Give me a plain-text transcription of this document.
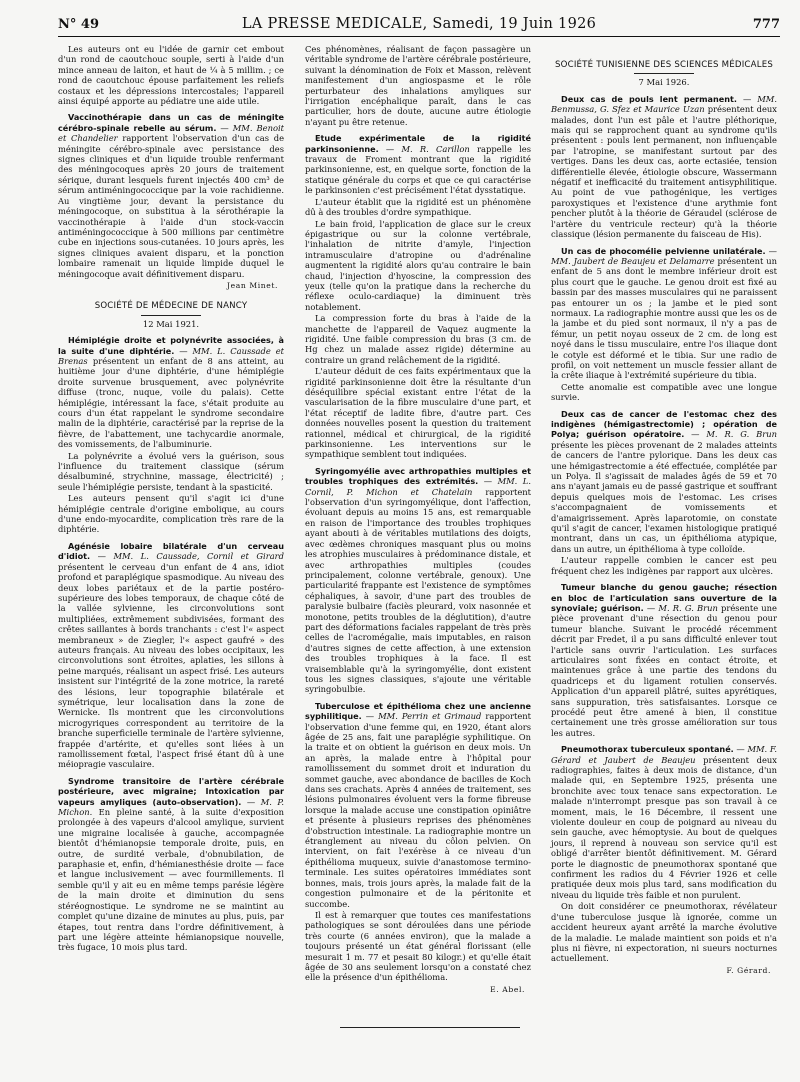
N° 49	LA PRESSE MEDICALE, Samedi, 19 Juin 1926	777

Les auteurs ont eu l'idée de garnir cet embout d'un rond de caoutchouc souple, serti à l'aide d'un mince anneau de laiton, et haut de ¼ à 5 millim. ; ce rond de caoutchouc épouse parfaitement les reliefs costaux et les dépressions intercostales; l'appareil ainsi équipé apporte au pédiatre une aide utile.

Vaccinothérapie dans un cas de méningite cérébro-spinale rebelle au sérum. — MM. Benoit et Chandelier rapportent l'observation d'un cas de méningite cérébro-spinale avec persistance des signes cliniques et d'un liquide trouble renfermant des méningocoques après 20 jours de traitement sérique, durant lesquels furent injectés 400 cm³ de sérum antiméningococcique par la voie rachidienne. Au vingtième jour, devant la persistance du méningocoque, on substitua à la sérothérapie la vaccinothérapie à l'aide d'un stock-vaccin antiméningococcique à 500 millions par centimètre cube en injections sous-cutanées. 10 jours après, les signes cliniques avaient disparu, et la ponction lombaire ramenait un liquide limpide duquel le méningocoque avait définitivement disparu.

Jean Minet.
SOCIÉTÉ DE MÉDECINE DE NANCY
12 Mai 1921.

Hémiplégie droite et polynévrite associées, à la suite d'une diphtérie. — MM. L. Caussade et Brenas présentent un enfant de 8 ans atteint, au huitième jour d'une diphtérie, d'une hémiplégie droite survenue brusquement, avec polynévrite diffuse (tronc, nuque, voile du palais). Cette hémiplégie, intéressant la face, s'était produite au cours d'un état rappelant le syndrome secondaire malin de la diphtérie, caractérisé par la reprise de la fièvre, de l'abattement, une tachycardie anormale, des vomissements, de l'albuminurie.

La polynévrite a évolué vers la guérison, sous l'influence du traitement classique (sérum désalbuminé, strychnine, massage, électricité) ; seule l'hémiplégie persiste, tendant à la spasticité.

Les auteurs pensent qu'il s'agit ici d'une hémiplégie centrale d'origine embolique, au cours d'une endo-myocardite, complication très rare de la diphtérie.

Agénésie lobaire bilatérale d'un cerveau d'idiot. — MM. L. Caussade, Cornil et Girard présentent le cerveau d'un enfant de 4 ans, idiot profond et paraplégique spasmodique. Au niveau des deux lobes pariétaux et de la partie postéro-supérieure des lobes temporaux, de chaque côté de la vallée sylvienne, les circonvolutions sont multipliées, extrêmement subdivisées, formant des crêtes saillantes à bords tranchants : c'est l'« aspect membraneux » de Ziegler, l'« aspect gaufré » des auteurs français. Au niveau des lobes occipitaux, les circonvolutions sont étroites, aplaties, les sillons à peine marqués, réalisant un aspect frisé. Les auteurs insistent sur l'intégrité de la zone motrice, la rareté des lésions, leur topographie bilatérale et symétrique, leur localisation dans la zone de Wernicke. Ils montrent que les circonvolutions microgyriques correspondent au territoire de la branche superficielle terminale de l'artère sylvienne, frappée d'artérite, et qu'elles sont liées à un ramollissement fœtal, l'aspect frisé étant dû à une méiopragie vasculaire.

Syndrome transitoire de l'artère cérébrale postérieure, avec migraine; Intoxication par vapeurs amyliques (auto-observation). — M. P. Michon. En pleine santé, à la suite d'exposition prolongée à des vapeurs d'alcool amylique, survient une migraine localisée à gauche, accompagnée bientôt d'hémianopsie temporale droite, puis, en outre, de surdité verbale, d'obnubilation, de paraphasie et, enfin, d'hémianesthésie droite — face et langue inclusivement — avec fourmillements. Il semble qu'il y ait eu en même temps parésie légère de la main droite et diminution du sens stéréognostique. Le syndrome ne se maintint au complet qu'une dizaine de minutes au plus, puis, par étapes, tout rentra dans l'ordre définitivement, à part une légère atteinte hémianopsique nouvelle, très fugace, 10 mois plus tard.

Ces phénomènes, réalisant de façon passagère un véritable syndrome de l'artère cérébrale postérieure, suivant la dénomination de Foix et Masson, relèvent manifestement d'un angiospasme et le rôle perturbateur des inhalations amyliques sur l'irrigation encéphalique paraît, dans le cas particulier, hors de doute, aucune autre étiologie n'ayant pu être retenue.

Etude expérimentale de la rigidité parkinsonienne. — M. R. Carillon rappelle les travaux de Froment montrant que la rigidité parkinsonienne, est, en quelque sorte, fonction de la statique générale du corps et que ce qui caractérise le parkinsonien c'est précisément l'état dysstatique.

L'auteur établit que la rigidité est un phénomène dû à des troubles d'ordre sympathique.

Le bain froid, l'application de glace sur le creux épigastrique ou sur la colonne vertébrale, l'inhalation de nitrite d'amyle, l'injection intramusculaire d'atropine ou d'adrénaline augmentent la rigidité alors qu'au contraire le bain chaud, l'injection d'hyoscine, la compression des yeux (telle qu'on la pratique dans la recherche du réflexe oculo-cardiaque) la diminuent très notablement.

La compression forte du bras à l'aide de la manchette de l'appareil de Vaquez augmente la rigidité. Une faible compression du bras (3 cm. de Hg chez un malade assez rigide) détermine au contraire un grand relâchement de la rigidité.

L'auteur déduit de ces faits expérimentaux que la rigidité parkinsonienne doit être la résultante d'un déséquilibre spécial existant entre l'état de la vascularisation de la fibre musculaire d'une part, et l'état réceptif de ladite fibre, d'autre part. Ces données nouvelles posent la question du traitement rationnel, médical et chirurgical, de la rigidité parkinsonienne. Les interventions sur le sympathique semblent tout indiquées.

Syringomyélie avec arthropathies multiples et troubles trophiques des extrémités. — MM. L. Cornil, P. Michon et Chatelain rapportent l'observation d'un syringomyélique, dont l'affection, évoluant depuis au moins 15 ans, est remarquable en raison de l'importance des troubles trophiques ayant abouti à de véritables mutilations des doigts, avec œdèmes chroniques masquant plus ou moins les atrophies musculaires à prédominance distale, et avec arthropathies multiples (coudes principalement, colonne vertébrale, genoux). Une particularité frappante est l'existence de symptômes céphaliques, à savoir, d'une part des troubles de paralysie bulbaire (faciès pleurard, voix nasonnée et monotone, petits troubles de la déglutition), d'autre part des déformations faciales rappelant de très près celles de l'acromégalie, mais imputables, en raison d'autres signes de cette affection, à une extension des troubles trophiques à la face. Il est vraisemblable qu'à la syringomyélie, dont existent tous les signes classiques, s'ajoute une véritable syringobulbie.

Tuberculose et épithélioma chez une ancienne syphilitique. — MM. Perrin et Grimaud rapportent l'observation d'une femme qui, en 1920, étant alors âgée de 25 ans, fait une paraplégie syphilitique. On la traite et on obtient la guérison en deux mois. Un an après, la malade entre à l'hôpital pour ramollissement du sommet droit et induration du sommet gauche, avec abondance de bacilles de Koch dans ses crachats. Après 4 années de traitement, ses lésions pulmonaires évoluent vers la forme fibreuse lorsque la malade accuse une constipation opiniâtre et présente à plusieurs reprises des phénomènes d'obstruction intestinale. La radiographie montre un étranglement au niveau du côlon pelvien. On intervient, on fait l'exérèse à ce niveau d'un épithélioma muqueux, suivie d'anastomose termino-terminale. Les suites opératoires immédiates sont bonnes, mais, trois jours après, la malade fait de la congestion pulmonaire et de la péritonite et succombe.

Il est à remarquer que toutes ces manifestations pathologiques se sont déroulées dans une période très courte (6 années environ), que la malade a toujours présenté un état général florissant (elle mesurait 1 m. 77 et pesait 80 kilogr.) et qu'elle était âgée de 30 ans seulement lorsqu'on a constaté chez elle la présence d'un épithélioma.

E. Abel.
SOCIÉTÉ TUNISIENNE DES SCIENCES MÉDICALES
7 Mai 1926.

Deux cas de pouls lent permanent. — MM. Benmussa, G. Sfez et Maurice Uzan présentent deux malades, dont l'un est pâle et l'autre pléthorique, mais qui se rapprochent quant au syndrome qu'ils présentent : pouls lent permanent, non influençable par l'atropine, se manifestant surtout par des vertiges. Dans les deux cas, aorte ectasiée, tension différentielle élevée, étiologie obscure, Wassermann négatif et inefficacité du traitement antisyphilitique. Au point de vue pathogénique, les vertiges paroxystiques et l'existence d'une arythmie font pencher plutôt à la théorie de Géraudel (sclérose de l'artère du ventricule recteur) qu'à la théorie classique (lésion permanente du faisceau de His).

Un cas de phocomélie pelvienne unilatérale. — MM. Jaubert de Beaujeu et Delamarre présentent un enfant de 5 ans dont le membre inférieur droit est plus court que le gauche. Le genou droit est fixé au bassin par des masses musculaires qui ne paraissent pas entourer un os ; la jambe et le pied sont normaux. La radiographie montre aussi que les os de la jambe et du pied sont normaux, il n'y a pas de fémur, un petit noyau osseux de 2 cm. de long est noyé dans le tissu musculaire, entre l'os iliaque dont le cotyle est déformé et le tibia. Sur une radio de profil, on voit nettement un muscle fessier allant de la crête iliaque à l'extrémité supérieure du tibia.

Cette anomalie est compatible avec une longue survie.

Deux cas de cancer de l'estomac chez des indigènes (hémigastrectomie) ; opération de Polya; guérison opératoire. — M. R. G. Brun présente les pièces provenant de 2 malades atteints de cancers de l'antre pylorique. Dans les deux cas une hémigastrectomie a été effectuée, complétée par un Polya. Il s'agissait de malades âgés de 59 et 70 ans n'ayant jamais eu de passé gastrique et souffrant depuis quelques mois de l'estomac. Les crises s'accompagnaient de vomissements et d'amaigrissement. Après laparotomie, on constate qu'il s'agit de cancer, l'examen histologique pratiqué montrant, dans un cas, un épithélioma atypique, dans un autre, un épithélioma à type colloïde.

L'auteur rappelle combien le cancer est peu fréquent chez les indigènes par rapport aux ulcères.

Tumeur blanche du genou gauche; résection en bloc de l'articulation sans ouverture de la synoviale; guérison. — M. R. G. Brun présente une pièce provenant d'une résection du genou pour tumeur blanche. Suivant le procédé récemment décrit par Fredet, il a pu sans difficulté enlever tout l'article sans ouvrir l'articulation. Les surfaces articulaires sont fixées en contact étroite, et maintenues grâce à une partie des tendons du quadriceps et du ligament rotulien conservés. Application d'un appareil plâtré, suites apyrétiques, sans suppuration, très satisfaisantes. Lorsque ce procédé peut être amené à bien, il constitue certainement une très grosse amélioration sur tous les autres.

Pneumothorax tuberculeux spontané. — MM. F. Gérard et Jaubert de Beaujeu présentent deux radiographies, faites à deux mois de distance, d'un malade qui, en Septembre 1925, présenta une bronchite avec toux tenace sans expectoration. Le malade n'interrompt presque pas son travail à ce moment, mais, le 16 Décembre, il ressent une violente douleur en coup de poignard au niveau du sein gauche, avec hémoptysie. Au bout de quelques jours, il reprend à nouveau son service qu'il est obligé d'arrêter bientôt définitivement. M. Gérard porte le diagnostic de pneumothorax spontané que confirment les radios du 4 Février 1926 et celle pratiquée deux mois plus tard, sans modification du niveau du liquide très faible et non purulent.

On doit considérer ce pneumothorax, révélateur d'une tuberculose jusque là ignorée, comme un accident heureux ayant arrêté la marche évolutive de la maladie. Le malade maintient son poids et n'a plus ni fièvre, ni expectoration, ni sueurs nocturnes actuellement.

F. Gérard.
